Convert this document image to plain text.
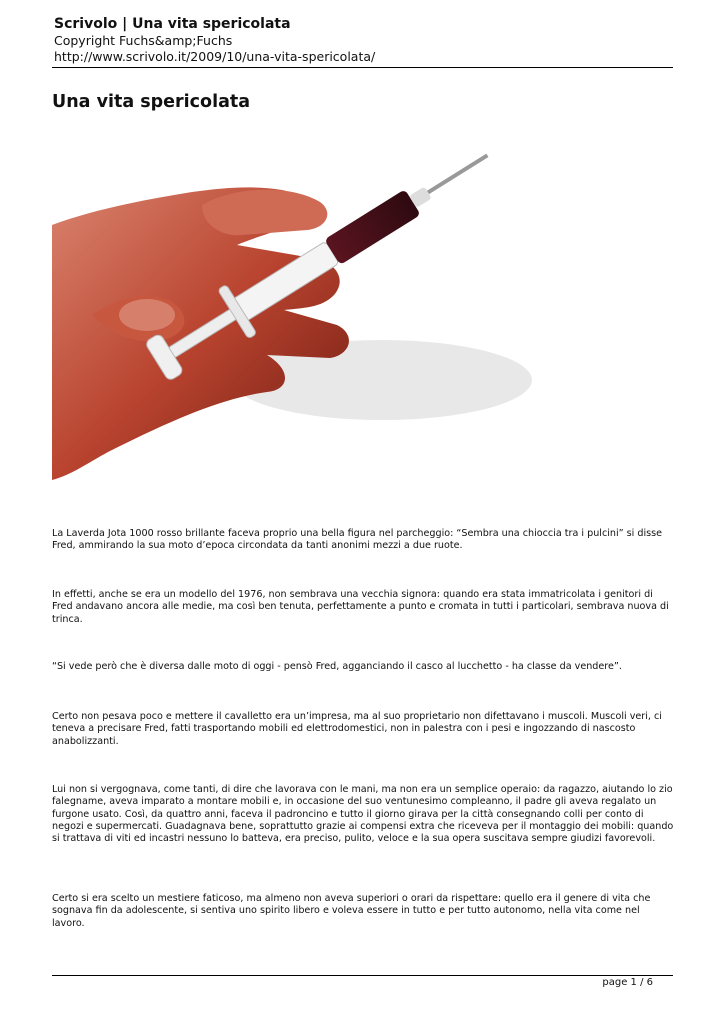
Scrivolo | Una vita spericolata
Copyright Fuchs&amp;Fuchs
http://www.scrivolo.it/2009/10/una-vita-spericolata/
Una vita spericolata

La Laverda Jota 1000 rosso brillante faceva proprio una bella figura nel parcheggio: “Sembra una chioccia tra i pulcini” si disse Fred, ammirando la sua moto d’epoca circondata da tanti anonimi mezzi a due ruote.

In effetti, anche se era un modello del 1976, non sembrava una vecchia signora: quando era stata immatricolata i genitori di Fred andavano ancora alle medie, ma così ben tenuta, perfettamente a punto e cromata in tutti i particolari, sembrava nuova di trinca.

“Si vede però che è diversa dalle moto di oggi - pensò Fred, agganciando il casco al lucchetto - ha classe da vendere”.

Certo non pesava poco e mettere il cavalletto era un’impresa, ma al suo proprietario non difettavano i muscoli. Muscoli veri, ci teneva a precisare Fred, fatti trasportando mobili ed elettrodomestici, non in palestra con i pesi e ingozzando di nascosto anabolizzanti.

Lui non si vergognava, come tanti, di dire che lavorava con le mani, ma non era un semplice operaio: da ragazzo, aiutando lo zio falegname, aveva imparato a montare mobili e, in occasione del suo ventunesimo compleanno, il padre gli aveva regalato un furgone usato. Così, da quattro anni, faceva il padroncino e tutto il giorno girava per la città consegnando colli per conto di negozi e supermercati. Guadagnava bene, soprattutto grazie ai compensi extra che riceveva per il montaggio dei mobili: quando si trattava di viti ed incastri nessuno lo batteva, era preciso, pulito, veloce e la sua opera suscitava sempre giudizi favorevoli.

Certo si era scelto un mestiere faticoso, ma almeno non aveva superiori o orari da rispettare: quello era il genere di vita che sognava fin da adolescente, si sentiva uno spirito libero e voleva essere in tutto e per tutto autonomo, nella vita come nel lavoro.

page 1 / 6
